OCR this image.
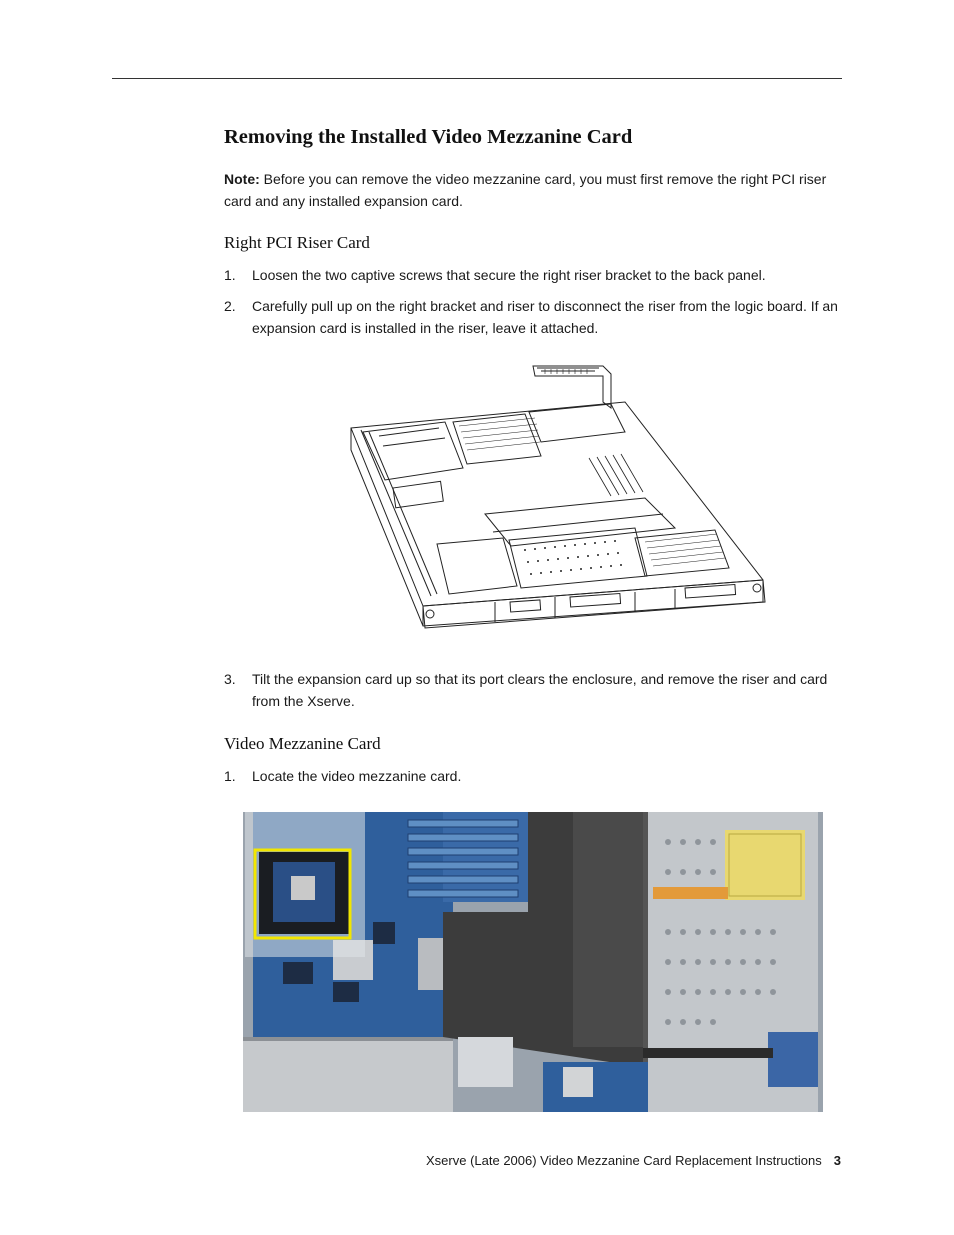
Removing the Installed Video Mezzanine Card
Note: Before you can remove the video mezzanine card, you must first remove the right PCI riser card and any installed expansion card.
Right PCI Riser Card
1.	Loosen the two captive screws that secure the right riser bracket to the back panel.
2.	Carefully pull up on the right bracket and riser to disconnect the riser from the logic board. If an expansion card is installed in the riser, leave it attached.
3.	Tilt the expansion card up so that its port clears the enclosure, and remove the riser and card from the Xserve.
Video Mezzanine Card
1.	Locate the video mezzanine card.
Xserve (Late 2006) Video Mezzanine Card Replacement Instructions 3
